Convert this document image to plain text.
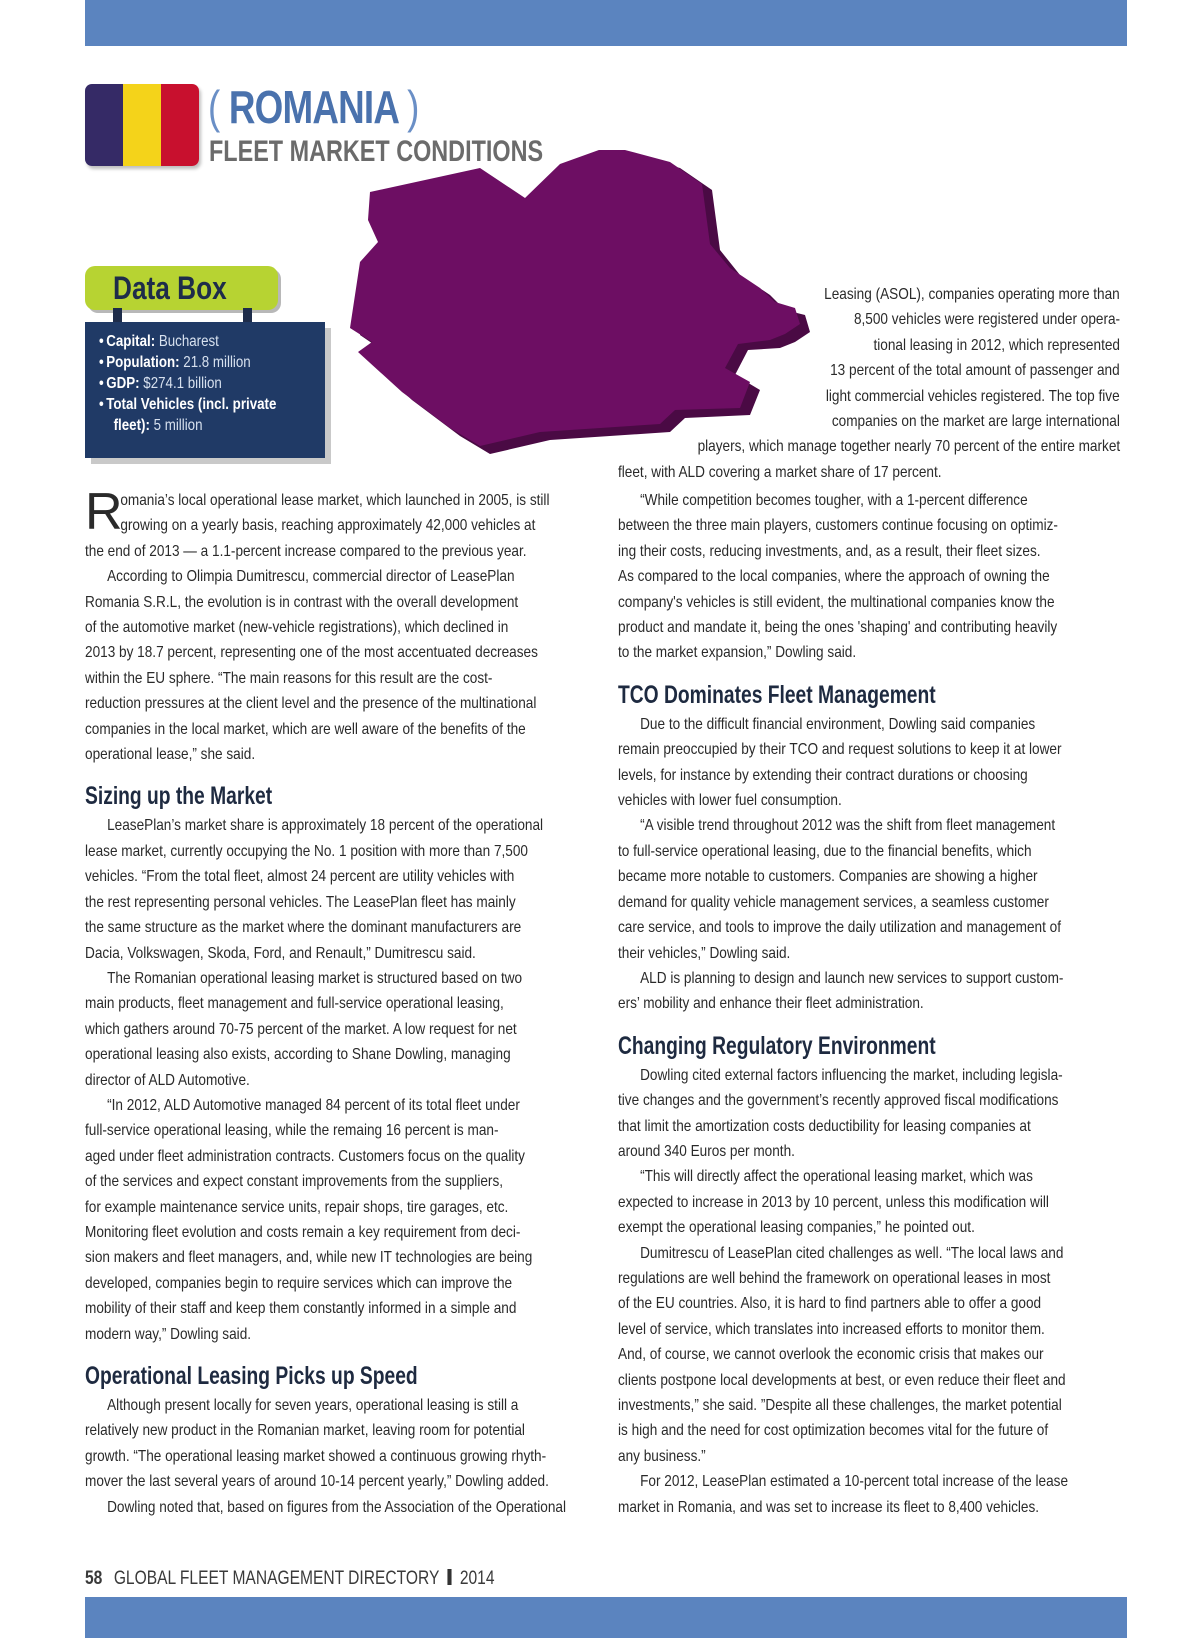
( ROMANIA )
FLEET MARKET CONDITIONS
Data Box
• Capital: Bucharest
• Population: 21.8 million
• GDP: $274.1 billion
• Total Vehicles (incl. private
fleet): 5 million
R
omania’s local operational lease market, which launched in 2005, is still
growing on a yearly basis, reaching approximately 42,000 vehicles at
the end of 2013 — a 1.1-percent increase compared to the previous year.

According to Olimpia Dumitrescu, commercial director of LeasePlan

Romania S.R.L, the evolution is in contrast with the overall development

of the automotive market (new-vehicle registrations), which declined in

2013 by 18.7 percent, representing one of the most accentuated decreases

within the EU sphere. “The main reasons for this result are the cost-

reduction pressures at the client level and the presence of the multinational

companies in the local market, which are well aware of the benefits of the

operational lease,” she said.

Sizing up the Market

LeasePlan’s market share is approximately 18 percent of the operational

lease market, currently occupying the No. 1 position with more than 7,500

vehicles. “From the total fleet, almost 24 percent are utility vehicles with

the rest representing personal vehicles. The LeasePlan fleet has mainly

the same structure as the market where the dominant manufacturers are

Dacia, Volkswagen, Skoda, Ford, and Renault,” Dumitrescu said.

The Romanian operational leasing market is structured based on two

main products, fleet management and full-service operational leasing,

which gathers around 70-75 percent of the market. A low request for net

operational leasing also exists, according to Shane Dowling, managing

director of ALD Automotive.

“In 2012, ALD Automotive managed 84 percent of its total fleet under

full-service operational leasing, while the remaing 16 percent is man-

aged under fleet administration contracts. Customers focus on the quality

of the services and expect constant improvements from the suppliers,

for example maintenance service units, repair shops, tire garages, etc.

Monitoring fleet evolution and costs remain a key requirement from deci-

sion makers and fleet managers, and, while new IT technologies are being

developed, companies begin to require services which can improve the

mobility of their staff and keep them constantly informed in a simple and

modern way,” Dowling said.

Operational Leasing Picks up Speed

Although present locally for seven years, operational leasing is still a

relatively new product in the Romanian market, leaving room for potential

growth. “The operational leasing market showed a continuous growing rhyth-

mover the last several years of around 10-14 percent yearly,” Dowling added.

Dowling noted that, based on figures from the Association of the Operational

Leasing (ASOL), companies operating more than
8,500 vehicles were registered under opera-
tional leasing in 2012, which represented
13 percent of the total amount of passenger and
light commercial vehicles registered. The top five
companies on the market are large international
players, which manage together nearly 70 percent of the entire market
fleet, with ALD covering a market share of 17 percent.

“While competition becomes tougher, with a 1-percent difference

between the three main players, customers continue focusing on optimiz-

ing their costs, reducing investments, and, as a result, their fleet sizes.

As compared to the local companies, where the approach of owning the

company's vehicles is still evident, the multinational companies know the

product and mandate it, being the ones 'shaping' and contributing heavily

to the market expansion,” Dowling said.

TCO Dominates Fleet Management

Due to the difficult financial environment, Dowling said companies

remain preoccupied by their TCO and request solutions to keep it at lower

levels, for instance by extending their contract durations or choosing

vehicles with lower fuel consumption.

“A visible trend throughout 2012 was the shift from fleet management

to full-service operational leasing, due to the financial benefits, which

became more notable to customers. Companies are showing a higher

demand for quality vehicle management services, a seamless customer

care service, and tools to improve the daily utilization and management of

their vehicles,” Dowling said.

ALD is planning to design and launch new services to support custom-

ers’ mobility and enhance their fleet administration.

Changing Regulatory Environment

Dowling cited external factors influencing the market, including legisla-

tive changes and the government’s recently approved fiscal modifications

that limit the amortization costs deductibility for leasing companies at

around 340 Euros per month.

“This will directly affect the operational leasing market, which was

expected to increase in 2013 by 10 percent, unless this modification will

exempt the operational leasing companies,” he pointed out.

Dumitrescu of LeasePlan cited challenges as well. “The local laws and

regulations are well behind the framework on operational leases in most

of the EU countries. Also, it is hard to find partners able to offer a good

level of service, which translates into increased efforts to monitor them.

And, of course, we cannot overlook the economic crisis that makes our

clients postpone local developments at best, or even reduce their fleet and

investments,” she said. ”Despite all these challenges, the market potential

is high and the need for cost optimization becomes vital for the future of

any business.”

For 2012, LeasePlan estimated a 10-percent total increase of the lease

market in Romania, and was set to increase its fleet to 8,400 vehicles.

58 GLOBAL FLEET MANAGEMENT DIRECTORY 2014
